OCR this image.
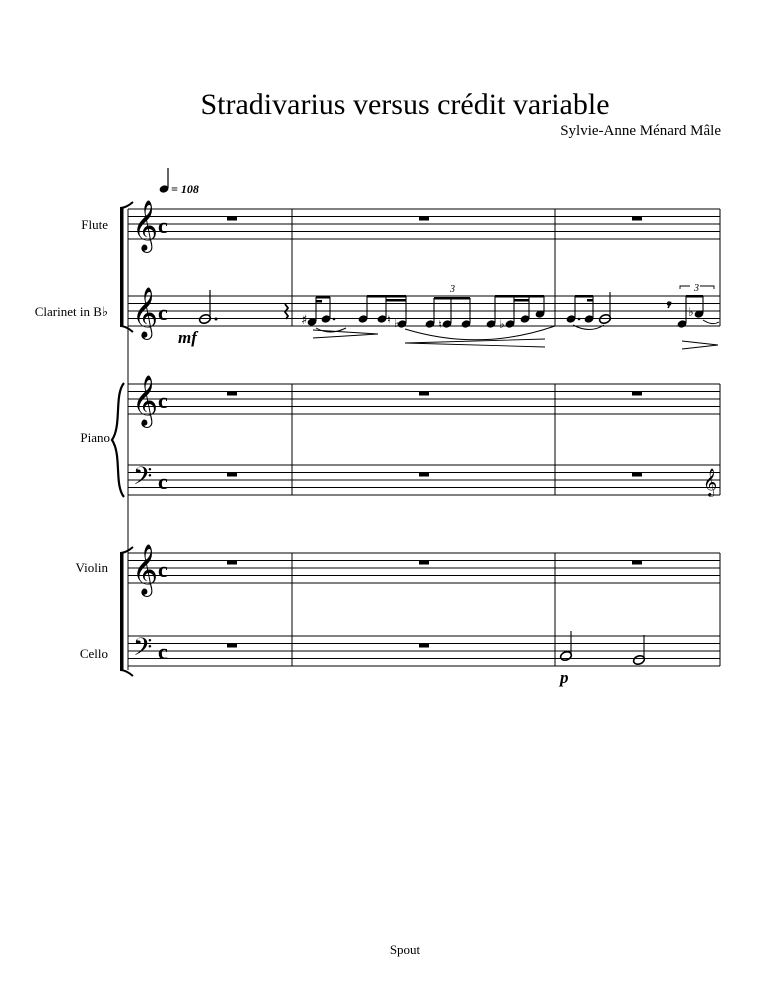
Stradivarius versus crédit variable
Sylvie-Anne Ménard Mâle
Spout
= 108
Flute
Clarinet in B♭
Piano
Violin
Cello
𝄞
𝄞
𝄞
𝄢
𝄞
𝄢
c
c
c
c
c
c
mf
♯	♮ ♭
3
♮	♭
3
♭
𝄞
p
